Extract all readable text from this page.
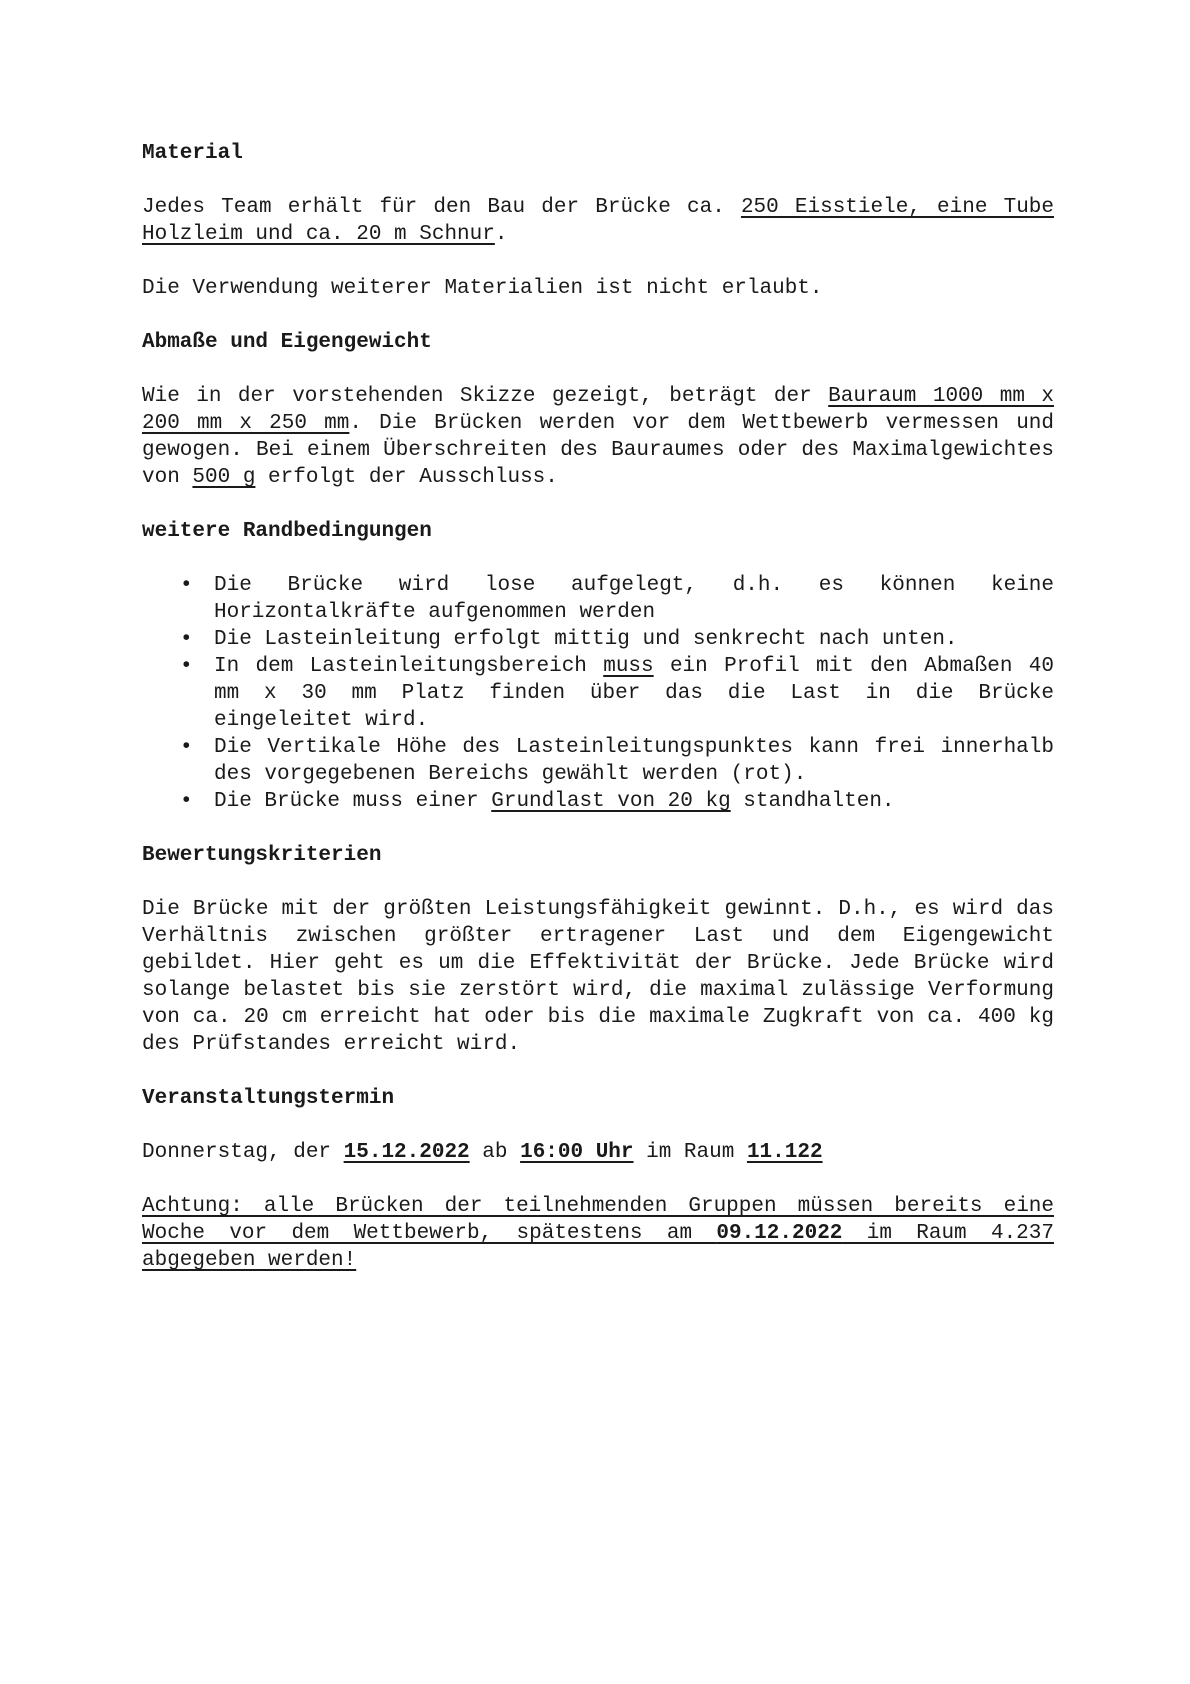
Material

Jedes Team erhält für den Bau der Brücke ca. 250 Eisstiele, eine Tube Holzleim und ca. 20 m Schnur.

Die Verwendung weiterer Materialien ist nicht erlaubt.

Abmaße und Eigengewicht

Wie in der vorstehenden Skizze gezeigt, beträgt der Bauraum 1000 mm x 200 mm x 250 mm. Die Brücken werden vor dem Wettbewerb vermessen und gewogen. Bei einem Überschreiten des Bauraumes oder des Maximalgewichtes von 500 g erfolgt der Ausschluss.

weitere Randbedingungen
• Die Brücke wird lose aufgelegt, d.h. es können keine Horizontalkräfte aufgenommen werden
• Die Lasteinleitung erfolgt mittig und senkrecht nach unten.
• In dem Lasteinleitungsbereich muss ein Profil mit den Abmaßen 40 mm x 30 mm Platz finden über das die Last in die Brücke eingeleitet wird.
• Die Vertikale Höhe des Lasteinleitungspunktes kann frei innerhalb des vorgegebenen Bereichs gewählt werden (rot).
• Die Brücke muss einer Grundlast von 20 kg standhalten.
Bewertungskriterien

Die Brücke mit der größten Leistungsfähigkeit gewinnt. D.h., es wird das Verhältnis zwischen größter ertragener Last und dem Eigengewicht gebildet. Hier geht es um die Effektivität der Brücke. Jede Brücke wird solange belastet bis sie zerstört wird, die maximal zulässige Verformung von ca. 20 cm erreicht hat oder bis die maximale Zugkraft von ca. 400 kg des Prüfstandes erreicht wird.

Veranstaltungstermin

Donnerstag, der 15.12.2022 ab 16:00 Uhr im Raum 11.122

Achtung: alle Brücken der teilnehmenden Gruppen müssen bereits eine Woche vor dem Wettbewerb, spätestens am 09.12.2022 im Raum 4.237 abgegeben werden!
